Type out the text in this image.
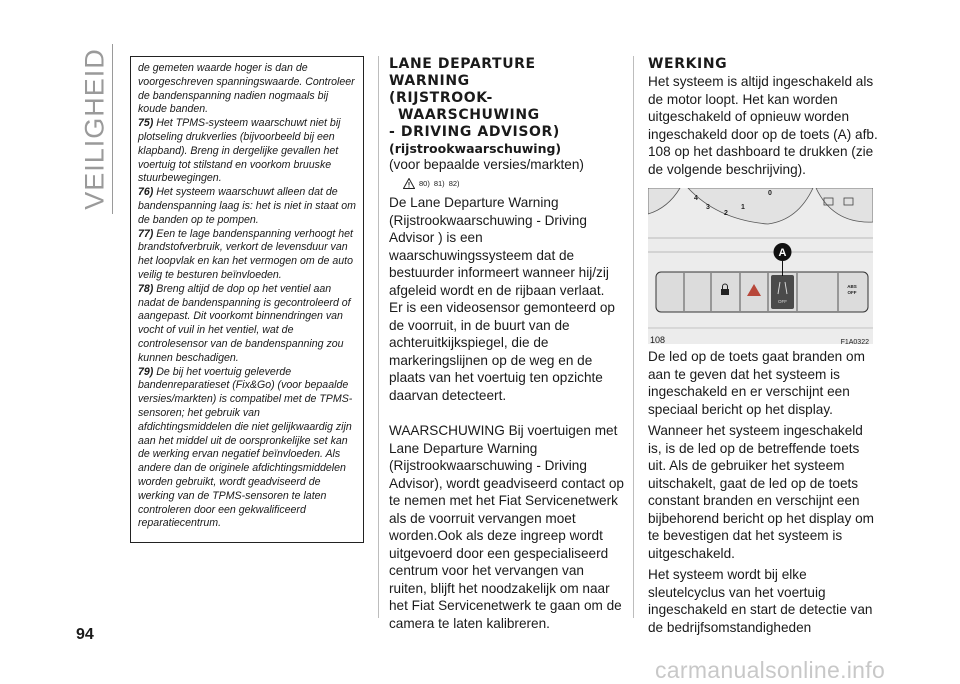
VEILIGHEID	de gemeten waarde hoger is dan de voorgeschreven spanningswaarde. Controleer de bandenspanning nadien nogmaals bij koude banden.

75) Het TPMS-systeem waarschuwt niet bij plotseling drukverlies (bijvoorbeeld bij een klapband). Breng in dergelijke gevallen het voertuig tot stilstand en voorkom bruuske stuurbewegingen.

76) Het systeem waarschuwt alleen dat de bandenspanning laag is: het is niet in staat om de banden op te pompen.

77) Een te lage bandenspanning verhoogt het brandstofverbruik, verkort de levensduur van het loopvlak en kan het vermogen om de auto veilig te besturen beïnvloeden.

78) Breng altijd de dop op het ventiel aan nadat de bandenspanning is gecontroleerd of aangepast. Dit voorkomt binnendringen van vocht of vuil in het ventiel, wat de controlesensor van de bandenspanning zou kunnen beschadigen.

79) De bij het voertuig geleverde bandenreparatieset (Fix&Go) (voor bepaalde versies/markten) is compatibel met de TPMS-sensoren; het gebruik van afdichtingsmiddelen die niet gelijkwaardig zijn aan het middel uit de oorspronkelijke set kan de werking ervan negatief beïnvloeden. Als andere dan de originele afdichtingsmiddelen worden gebruikt, wordt geadviseerd de werking van de TPMS-sensoren te laten controleren door een gekwalificeerd reparatiecentrum.

LANE DEPARTURE
WARNING
(RIJSTROOK-
WAARSCHUWING
- DRIVING ADVISOR)

(rijstrookwaarschuwing)

(voor bepaalde versies/markten)

80) 81) 82)

De Lane Departure Warning (Rijstrookwaarschuwing - Driving Advisor ) is een waarschuwingssysteem dat de bestuurder informeert wanneer hij/zij afgeleid wordt en de rijbaan verlaat.

Er is een videosensor gemonteerd op de voorruit, in de buurt van de achteruitkijkspiegel, die de markeringslijnen op de weg en de plaats van het voertuig ten opzichte daarvan detecteert.

WAARSCHUWING Bij voertuigen met Lane Departure Warning (Rijstrookwaarschuwing - Driving Advisor), wordt geadviseerd contact op te nemen met het Fiat Servicenetwerk als de voorruit vervangen moet worden.Ook als deze ingreep wordt uitgevoerd door een gespecialiseerd centrum voor het vervangen van ruiten, blijft het noodzakelijk om naar het Fiat Servicenetwerk te gaan om de camera te laten kalibreren.

WERKING

Het systeem is altijd ingeschakeld als de motor loopt. Het kan worden uitgeschakeld of opnieuw worden ingeschakeld door op de toets (A) afb. 108 op het dashboard te drukken (zie de volgende beschrijving).

4
3
2
1
0
OFF
ABS
OFF
A
108	F1A0322

De led op de toets gaat branden om aan te geven dat het systeem is ingeschakeld en er verschijnt een speciaal bericht op het display.

Wanneer het systeem ingeschakeld is, is de led op de betreffende toets uit. Als de gebruiker het systeem uitschakelt, gaat de led op de toets constant branden en verschijnt een bijbehorend bericht op het display om te bevestigen dat het systeem is uitgeschakeld.

Het systeem wordt bij elke sleutelcyclus van het voertuig ingeschakeld en start de detectie van de bedrijfsomstandigheden

94
carmanualsonline.info
